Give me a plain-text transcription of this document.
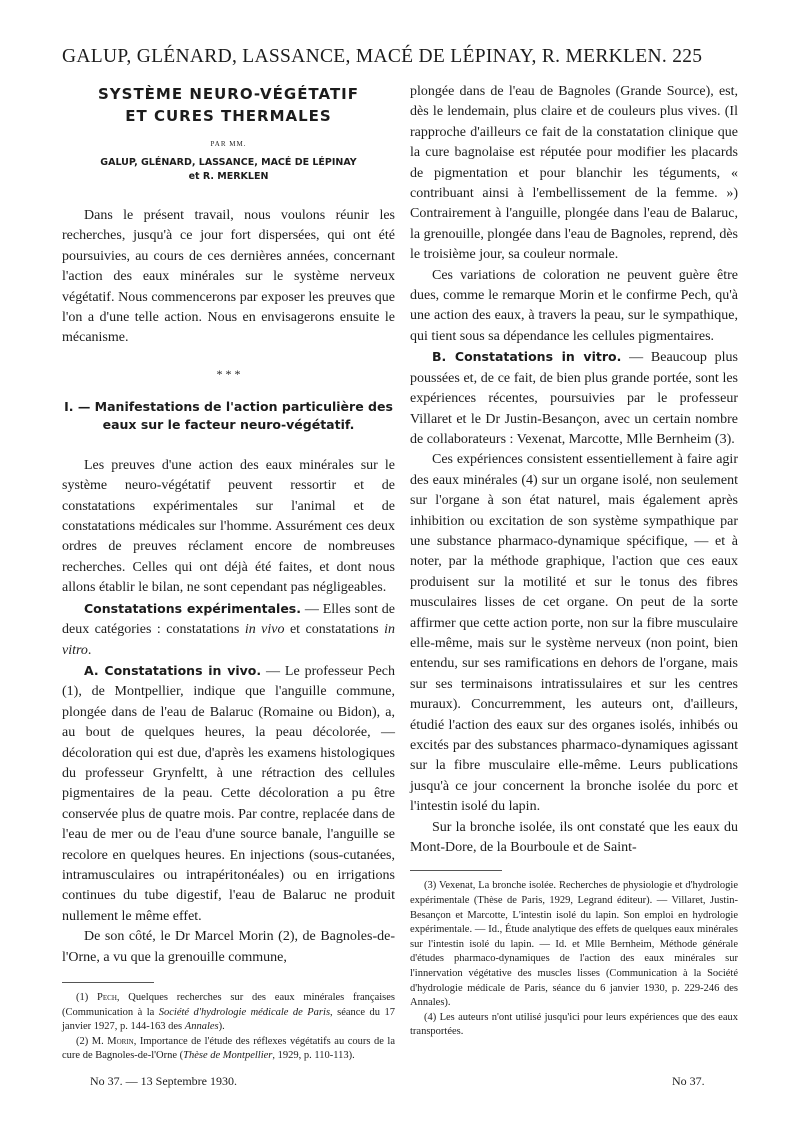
GALUP, GLÉNARD, LASSANCE, MACÉ DE LÉPINAY, R. MERKLEN. 225
SYSTÈME NEURO-VÉGÉTATIF
ET CURES THERMALES
PAR MM.
GALUP, GLÉNARD, LASSANCE, MACÉ DE LÉPINAY
et R. MERKLEN

Dans le présent travail, nous voulons réunir les recherches, jusqu'à ce jour fort dispersées, qui ont été poursuivies, au cours de ces dernières années, concernant l'action des eaux minérales sur le système nerveux végétatif. Nous commencerons par exposer les preuves que l'on a d'une telle action. Nous en envisagerons ensuite le mécanisme.

* * *
I. — Manifestations de l'action particulière des eaux sur le facteur neuro-végétatif.

Les preuves d'une action des eaux minérales sur le système neuro-végétatif peuvent ressortir et de constatations expérimentales sur l'animal et de constatations médicales sur l'homme. Assurément ces deux ordres de preuves réclament encore de nombreuses recherches. Celles qui ont déjà été faites, et dont nous allons établir le bilan, ne sont cependant pas négligeables.

Constatations expérimentales. — Elles sont de deux catégories : constatations in vivo et constatations in vitro.

A. Constatations in vivo. — Le professeur Pech (1), de Montpellier, indique que l'anguille commune, plongée dans de l'eau de Balaruc (Romaine ou Bidon), a, au bout de quelques heures, la peau décolorée, — décoloration qui est due, d'après les examens histologiques du professeur Grynfeltt, à une rétraction des cellules pigmentaires de la peau. Cette décoloration a pu être conservée plus de quatre mois. Par contre, replacée dans de l'eau de mer ou de l'eau d'une source banale, l'anguille se recolore en quelques heures. En injections (sous-cutanées, intramusculaires ou intrapéritonéales) ou en irrigations continues du tube digestif, l'eau de Balaruc ne produit nullement le même effet.

De son côté, le Dr Marcel Morin (2), de Bagnoles-de-l'Orne, a vu que la grenouille commune,

(1) Pech, Quelques recherches sur des eaux minérales françaises (Communication à la Société d'hydrologie médicale de Paris, séance du 17 janvier 1927, p. 144-163 des Annales).

(2) M. Morin, Importance de l'étude des réflexes végétatifs au cours de la cure de Bagnoles-de-l'Orne (Thèse de Montpellier, 1929, p. 110-113).

plongée dans de l'eau de Bagnoles (Grande Source), est, dès le lendemain, plus claire et de couleurs plus vives. (Il rapproche d'ailleurs ce fait de la constatation clinique que la cure bagnolaise est réputée pour modifier les placards de pigmentation et pour blanchir les téguments, « contribuant ainsi à l'embellissement de la femme. ») Contrairement à l'anguille, plongée dans l'eau de Balaruc, la grenouille, plongée dans l'eau de Bagnoles, reprend, dès le troisième jour, sa couleur normale.

Ces variations de coloration ne peuvent guère être dues, comme le remarque Morin et le confirme Pech, qu'à une action des eaux, à travers la peau, sur le sympathique, qui tient sous sa dépendance les cellules pigmentaires.

B. Constatations in vitro. — Beaucoup plus poussées et, de ce fait, de bien plus grande portée, sont les expériences récentes, poursuivies par le professeur Villaret et le Dr Justin-Besançon, avec un certain nombre de collaborateurs : Vexenat, Marcotte, Mlle Bernheim (3).

Ces expériences consistent essentiellement à faire agir des eaux minérales (4) sur un organe isolé, non seulement sur l'organe à son état naturel, mais également après inhibition ou excitation de son système sympathique par une substance pharmaco-dynamique spécifique, — et à noter, par la méthode graphique, l'action que ces eaux produisent sur la motilité et sur le tonus des fibres musculaires lisses de cet organe. On peut de la sorte affirmer que cette action porte, non sur la fibre musculaire elle-même, mais sur le système nerveux (non point, bien entendu, sur ses ramifications en dehors de l'organe, mais sur ses terminaisons intratissulaires et sur les centres muraux). Concurremment, les auteurs ont, d'ailleurs, étudié l'action des eaux sur des organes isolés, inhibés ou excités par des substances pharmaco-dynamiques agissant sur la fibre musculaire elle-même. Leurs publications jusqu'à ce jour concernent la bronche isolée du porc et l'intestin isolé du lapin.

Sur la bronche isolée, ils ont constaté que les eaux du Mont-Dore, de la Bourboule et de Saint-

(3) Vexenat, La bronche isolée. Recherches de physiologie et d'hydrologie expérimentale (Thèse de Paris, 1929, Legrand éditeur). — Villaret, Justin-Besançon et Marcotte, L'intestin isolé du lapin. Son emploi en hydrologie expérimentale. — Id., Étude analytique des effets de quelques eaux minérales sur l'intestin isolé du lapin. — Id. et Mlle Bernheim, Méthode générale d'études pharmaco-dynamiques de l'action des eaux minérales sur l'innervation végétative des muscles lisses (Communication à la Société d'hydrologie médicale de Paris, séance du 6 janvier 1930, p. 229-246 des Annales).

(4) Les auteurs n'ont utilisé jusqu'ici pour leurs expériences que des eaux transportées.

No 37. — 13 Septembre 1930.	No 37.
